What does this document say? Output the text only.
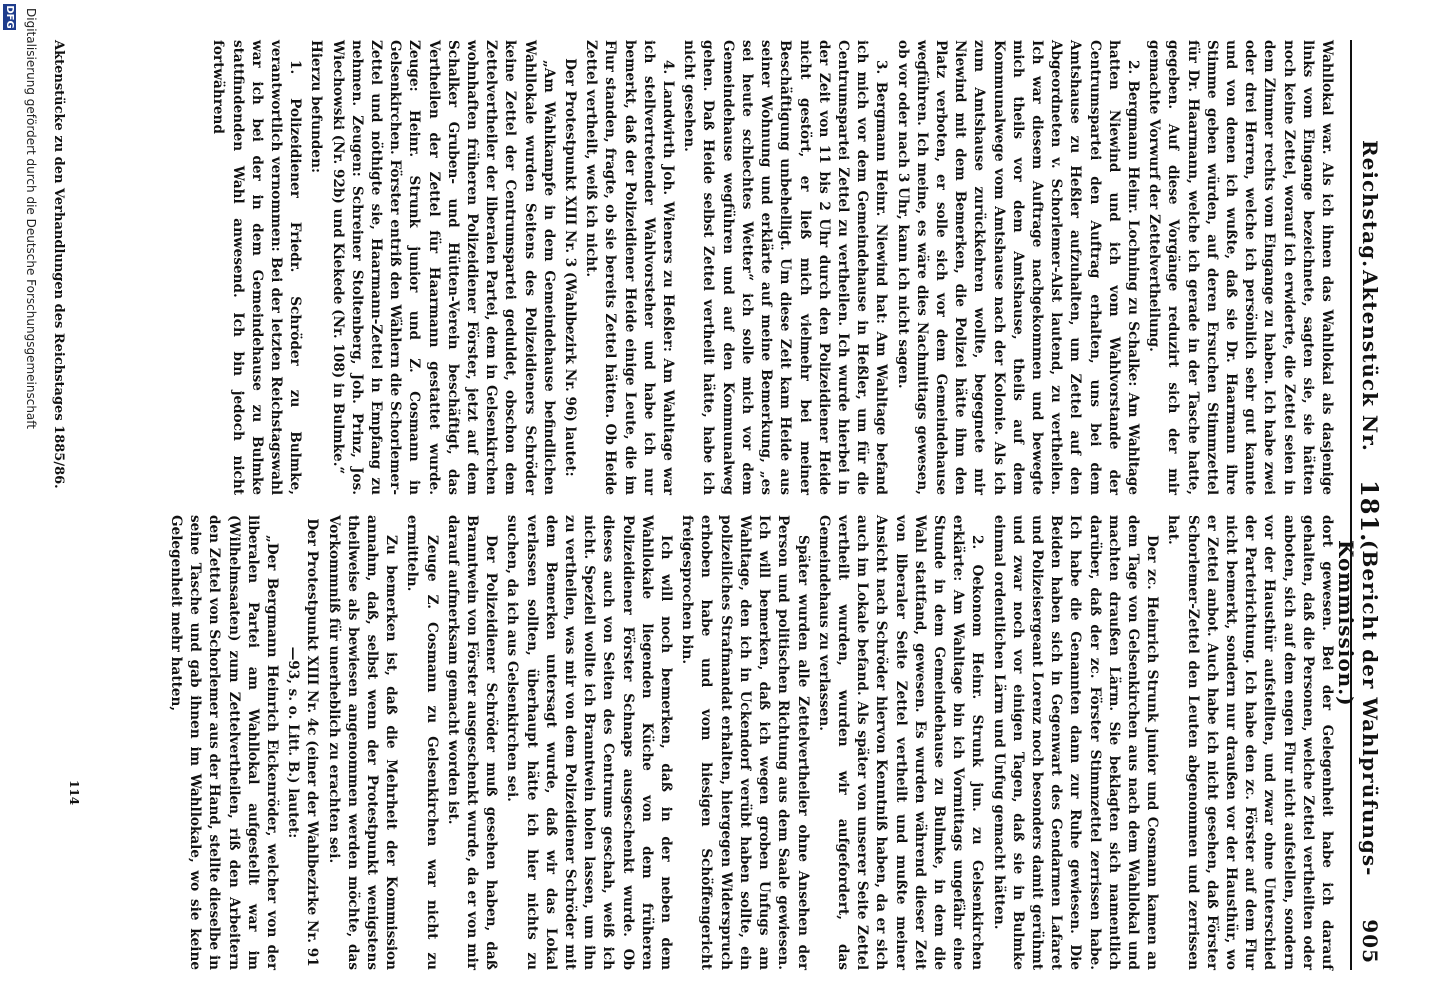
Reichstag.
Aktenstück Nr.
181.
(Bericht der Wahlprüfungs-Kommission.)
905

Wahllokal war. Als ich ihnen das Wahllokal als dasjenige links vom Eingange bezeichnete, sagten sie, sie hätten noch keine Zettel, worauf ich erwiderte, die Zettel seien in dem Zimmer rechts vom Eingange zu haben. Ich habe zwei oder drei Herren, welche ich persönlich sehr gut kannte und von denen ich wußte, daß sie Dr. Haarmann ihre Stimme geben würden, auf deren Ersuchen Stimmzettel für Dr. Haarmann, welche ich gerade in der Tasche hatte, gegeben. Auf diese Vorgänge reduzirt sich der mir gemachte Vorwurf der Zettelvertheilung.

2. Bergmann Heinr. Lochning zu Schalke: Am Wahltage hatten Niewind und ich vom Wahlvorstande der Centrumspartei den Auftrag erhalten, uns bei dem Amtshause zu Heßler aufzuhalten, um Zettel auf den Abgeordneten v. Schorlemer-Alst lautend, zu vertheilen. Ich war diesem Auftrage nachgekommen und bewegte mich theils vor dem Amtshause, theils auf dem Kommunalwege vom Amtshause nach der Kolonie. Als ich zum Amtshause zurückkehren wollte, begegnete mir Niewind mit dem Bemerken, die Polizei hätte ihm den Platz verboten, er solle sich vor dem Gemeindehause wegführen. Ich meine, es wäre dies Nachmittags gewesen, ob vor oder nach 3 Uhr, kann ich nicht sagen.

3. Bergmann Heinr. Niewind hat: Am Wahltage befand ich mich vor dem Gemeindehause in Heßler, um für die Centrumspartei Zettel zu vertheilen. Ich wurde hierbei in der Zeit von 11 bis 2 Uhr durch den Polizeidiener Heide nicht gestört, er ließ mich vielmehr bei meiner Beschäftigung unbehelligt. Um diese Zeit kam Heide aus seiner Wohnung und erklärte auf meine Bemerkung, „es sei heute schlechtes Wetter“ ich solle mich vor dem Gemeindehause wegführen und auf den Kommunalweg gehen. Daß Heide selbst Zettel vertheilt hätte, habe ich nicht gesehen.

4. Landwirth Joh. Wieners zu Heßler: Am Wahltage war ich stellvertretender Wahlvorsteher und habe ich nur bemerkt, daß der Polizeidiener Heide einige Leute, die im Flur standen, fragte, ob sie bereits Zettel hätten. Ob Heide Zettel vertheilt, weiß ich nicht.

Der Protestpunkt XIII Nr. 3 (Wahlbezirk Nr. 96) lautet:

„Am Wahlkampfe in dem Gemeindehause befindlichen Wahllokale wurden Seitens des Polizeidieners Schröder keine Zettel der Centrumspartei geduldet, obschon dem Zettelvertheiler der liberalen Partei, dem in Gelsenkirchen wohnhaften früheren Polizeidiener Förster, jetzt auf dem Schalker Gruben- und Hütten-Verein beschäftigt, das Vertheilen der Zettel für Haarmann gestattet wurde. Zeuge: Heinr. Strunk junior und Z. Cosmann in Gelsenkirchen. Förster entriß den Wählern die Schorlemer-Zettel und nöthigte sie, Haarmann-Zettel in Empfang zu nehmen. Zeugen: Schreiner Stoltenberg, Joh. Prinz, Jos. Wiechowski (Nr. 92b) und Kiekede (Nr. 108) in Bulmke.“

Hierzu befunden:

1. Polizeidiener Friedr. Schröder zu Bulmke, verantwortlich vernommen: Bei der letzten Reichstagswahl war ich bei der in dem Gemeindehause zu Bulmke stattfindenden Wahl anwesend. Ich bin jedoch nicht fortwährend

dort gewesen. Bei der Gelegenheit habe ich darauf gehalten, daß die Personen, welche Zettel vertheilten oder anboten, sich auf dem engen Flur nicht aufstellen, sondern vor der Hausthür aufstellten, und zwar ohne Unterschied der Parteirichtung. Ich habe den zc. Förster auf dem Flur nicht bemerkt, sondern nur draußen vor der Hausthür, wo er Zettel anbot. Auch habe ich nicht gesehen, daß Förster Schorlemer-Zettel den Leuten abgenommen und zerrissen hat.

Der zc. Heinrich Strunk junior und Cosmann kamen an dem Tage von Gelsenkirchen aus nach dem Wahllokal und machten draußen Lärm. Sie beklagten sich namentlich darüber, daß der zc. Förster Stimmzettel zerrissen habe. Ich habe die Genannten dann zur Ruhe gewiesen. Die Beiden haben sich in Gegenwart des Gendarmen Lafaret und Polizeisergeant Lorenz noch besonders damit gerühmt und zwar noch vor einigen Tagen, daß sie in Bulmke einmal ordentlichen Lärm und Unfug gemacht hätten.

2. Oekonom Heinr. Strunk jun. zu Gelsenkirchen erklärte: Am Wahltage bin ich Vormittags ungefähr eine Stunde in dem Gemeindehause zu Bulmke, in dem die Wahl stattfand, gewesen. Es wurden während dieser Zeit von liberaler Seite Zettel vertheilt und mußte meiner Ansicht nach Schröder hiervon Kenntniß haben, da er sich auch im Lokale befand. Als später von unserer Seite Zettel vertheilt wurden, wurden wir aufgefordert, das Gemeindehaus zu verlassen.

Später wurden alle Zettelvertheiler ohne Ansehen der Person und politischen Richtung aus dem Saale gewiesen. Ich will bemerken, daß ich wegen groben Unfugs am Wahltage, den ich in Uckendorf verübt haben sollte, ein polizeiliches Strafmandat erhalten, hiergegen Widerspruch erhoben habe und vom hiesigen Schöffengericht freigesprochen bin.

Ich will noch bemerken, daß in der neben dem Wahllokale liegenden Küche von dem früheren Polizeidiener Förster Schnaps ausgeschenkt wurde. Ob dieses auch von Seiten des Centrums geschah, weiß ich nicht. Speziell wollte ich Branntwein holen lassen, um ihn zu vertheilen, was mir von dem Polizeidiener Schröder mit dem Bemerken untersagt wurde, daß wir das Lokal verlassen sollten, überhaupt hätte ich hier nichts zu suchen, da ich aus Gelsenkirchen sei.

Der Polizeidiener Schröder muß gesehen haben, daß Branntwein von Förster ausgeschenkt wurde, da er von mir darauf aufmerksam gemacht worden ist.

Zeuge Z. Cosmann zu Gelsenkirchen war nicht zu ermitteln.

Zu bemerken ist, daß die Mehrheit der Kommission annahm, daß, selbst wenn der Protestpunkt wenigstens theilweise als bewiesen angenommen werden möchte, das Vorkommniß für unerheblich zu erachten sei.

Der Protestpunkt XIII Nr. 4c (einer der Wahlbezirke Nr. 91—93, s. o. Litt. B.) lautet:

„Der Bergmann Heinrich Eickenröder, welcher von der liberalen Partei am Wahllokal aufgestellt war im (Wilhelmsaaten) zum Zettelvertheilen, riß den Arbeitern den Zettel von Schorlemer aus der Hand, stellte dieselbe in seine Tasche und gab ihnen im Wahllokale, wo sie keine Gelegenheit mehr hatten,

Aktenstücke zu den Verhandlungen des Reichstages 1885/86.
114
Digitalisierung gefördert durch die Deutsche Forschungsgemeinschaft
DFG
